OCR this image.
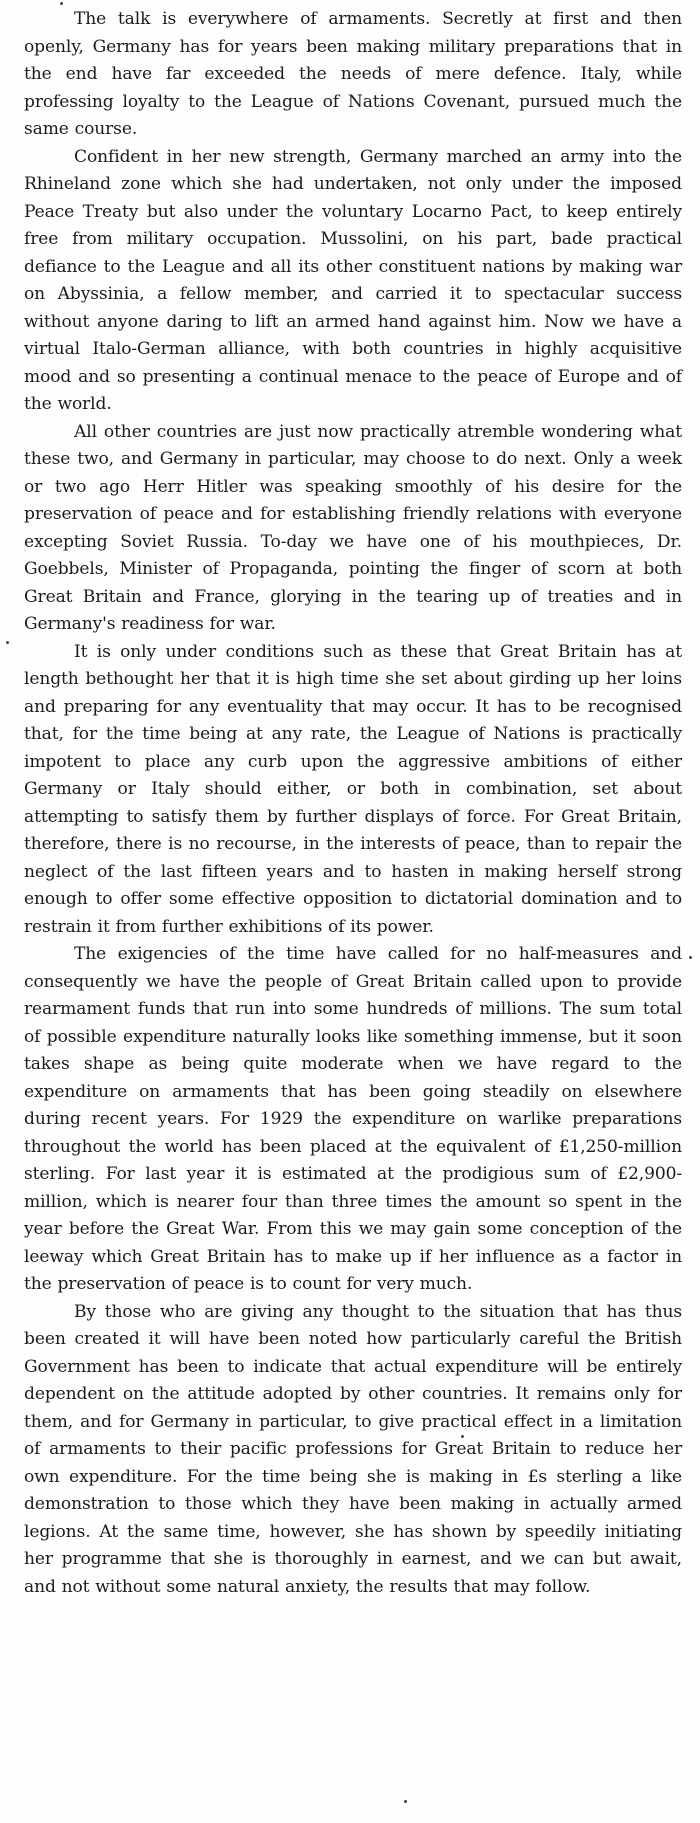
The talk is everywhere of armaments. Secretly at first and then openly, Germany has for years been making military preparations that in the end have far exceeded the needs of mere defence. Italy, while professing loyalty to the League of Nations Covenant, pursued much the same course.

Confident in her new strength, Germany marched an army into the Rhineland zone which she had undertaken, not only under the imposed Peace Treaty but also under the voluntary Locarno Pact, to keep entirely free from military occupation. Mussolini, on his part, bade practical defiance to the League and all its other constituent nations by making war on Abyssinia, a fellow member, and carried it to spectacular success without anyone daring to lift an armed hand against him. Now we have a virtual Italo-German alliance, with both countries in highly acquisitive mood and so presenting a continual menace to the peace of Europe and of the world.

All other countries are just now practically atremble wondering what these two, and Germany in particular, may choose to do next. Only a week or two ago Herr Hitler was speaking smoothly of his desire for the preservation of peace and for establishing friendly relations with everyone excepting Soviet Russia. To-day we have one of his mouthpieces, Dr. Goebbels, Minister of Propaganda, pointing the finger of scorn at both Great Britain and France, glorying in the tearing up of treaties and in Germany's readiness for war.

It is only under conditions such as these that Great Britain has at length bethought her that it is high time she set about girding up her loins and preparing for any eventuality that may occur. It has to be recognised that, for the time being at any rate, the League of Nations is practically impotent to place any curb upon the aggressive ambitions of either Germany or Italy should either, or both in combination, set about attempting to satisfy them by further displays of force. For Great Britain, therefore, there is no recourse, in the interests of peace, than to repair the neglect of the last fifteen years and to hasten in making herself strong enough to offer some effective opposition to dictatorial domination and to restrain it from further exhibitions of its power.

The exigencies of the time have called for no half-measures and consequently we have the people of Great Britain called upon to provide rearmament funds that run into some hundreds of millions. The sum total of possible expenditure naturally looks like something immense, but it soon takes shape as being quite moderate when we have regard to the expenditure on armaments that has been going steadily on elsewhere during recent years. For 1929 the expenditure on warlike preparations throughout the world has been placed at the equivalent of £1,250-million sterling. For last year it is estimated at the prodigious sum of £2,900-million, which is nearer four than three times the amount so spent in the year before the Great War. From this we may gain some conception of the leeway which Great Britain has to make up if her influence as a factor in the preservation of peace is to count for very much.

By those who are giving any thought to the situation that has thus been created it will have been noted how particularly careful the British Government has been to indicate that actual expenditure will be entirely dependent on the attitude adopted by other countries. It remains only for them, and for Germany in particular, to give practical effect in a limitation of armaments to their pacific professions for Great Britain to reduce her own expenditure. For the time being she is making in £s sterling a like demonstration to those which they have been making in actually armed legions. At the same time, however, she has shown by speedily initiating her programme that she is thoroughly in earnest, and we can but await, and not without some natural anxiety, the results that may follow.
